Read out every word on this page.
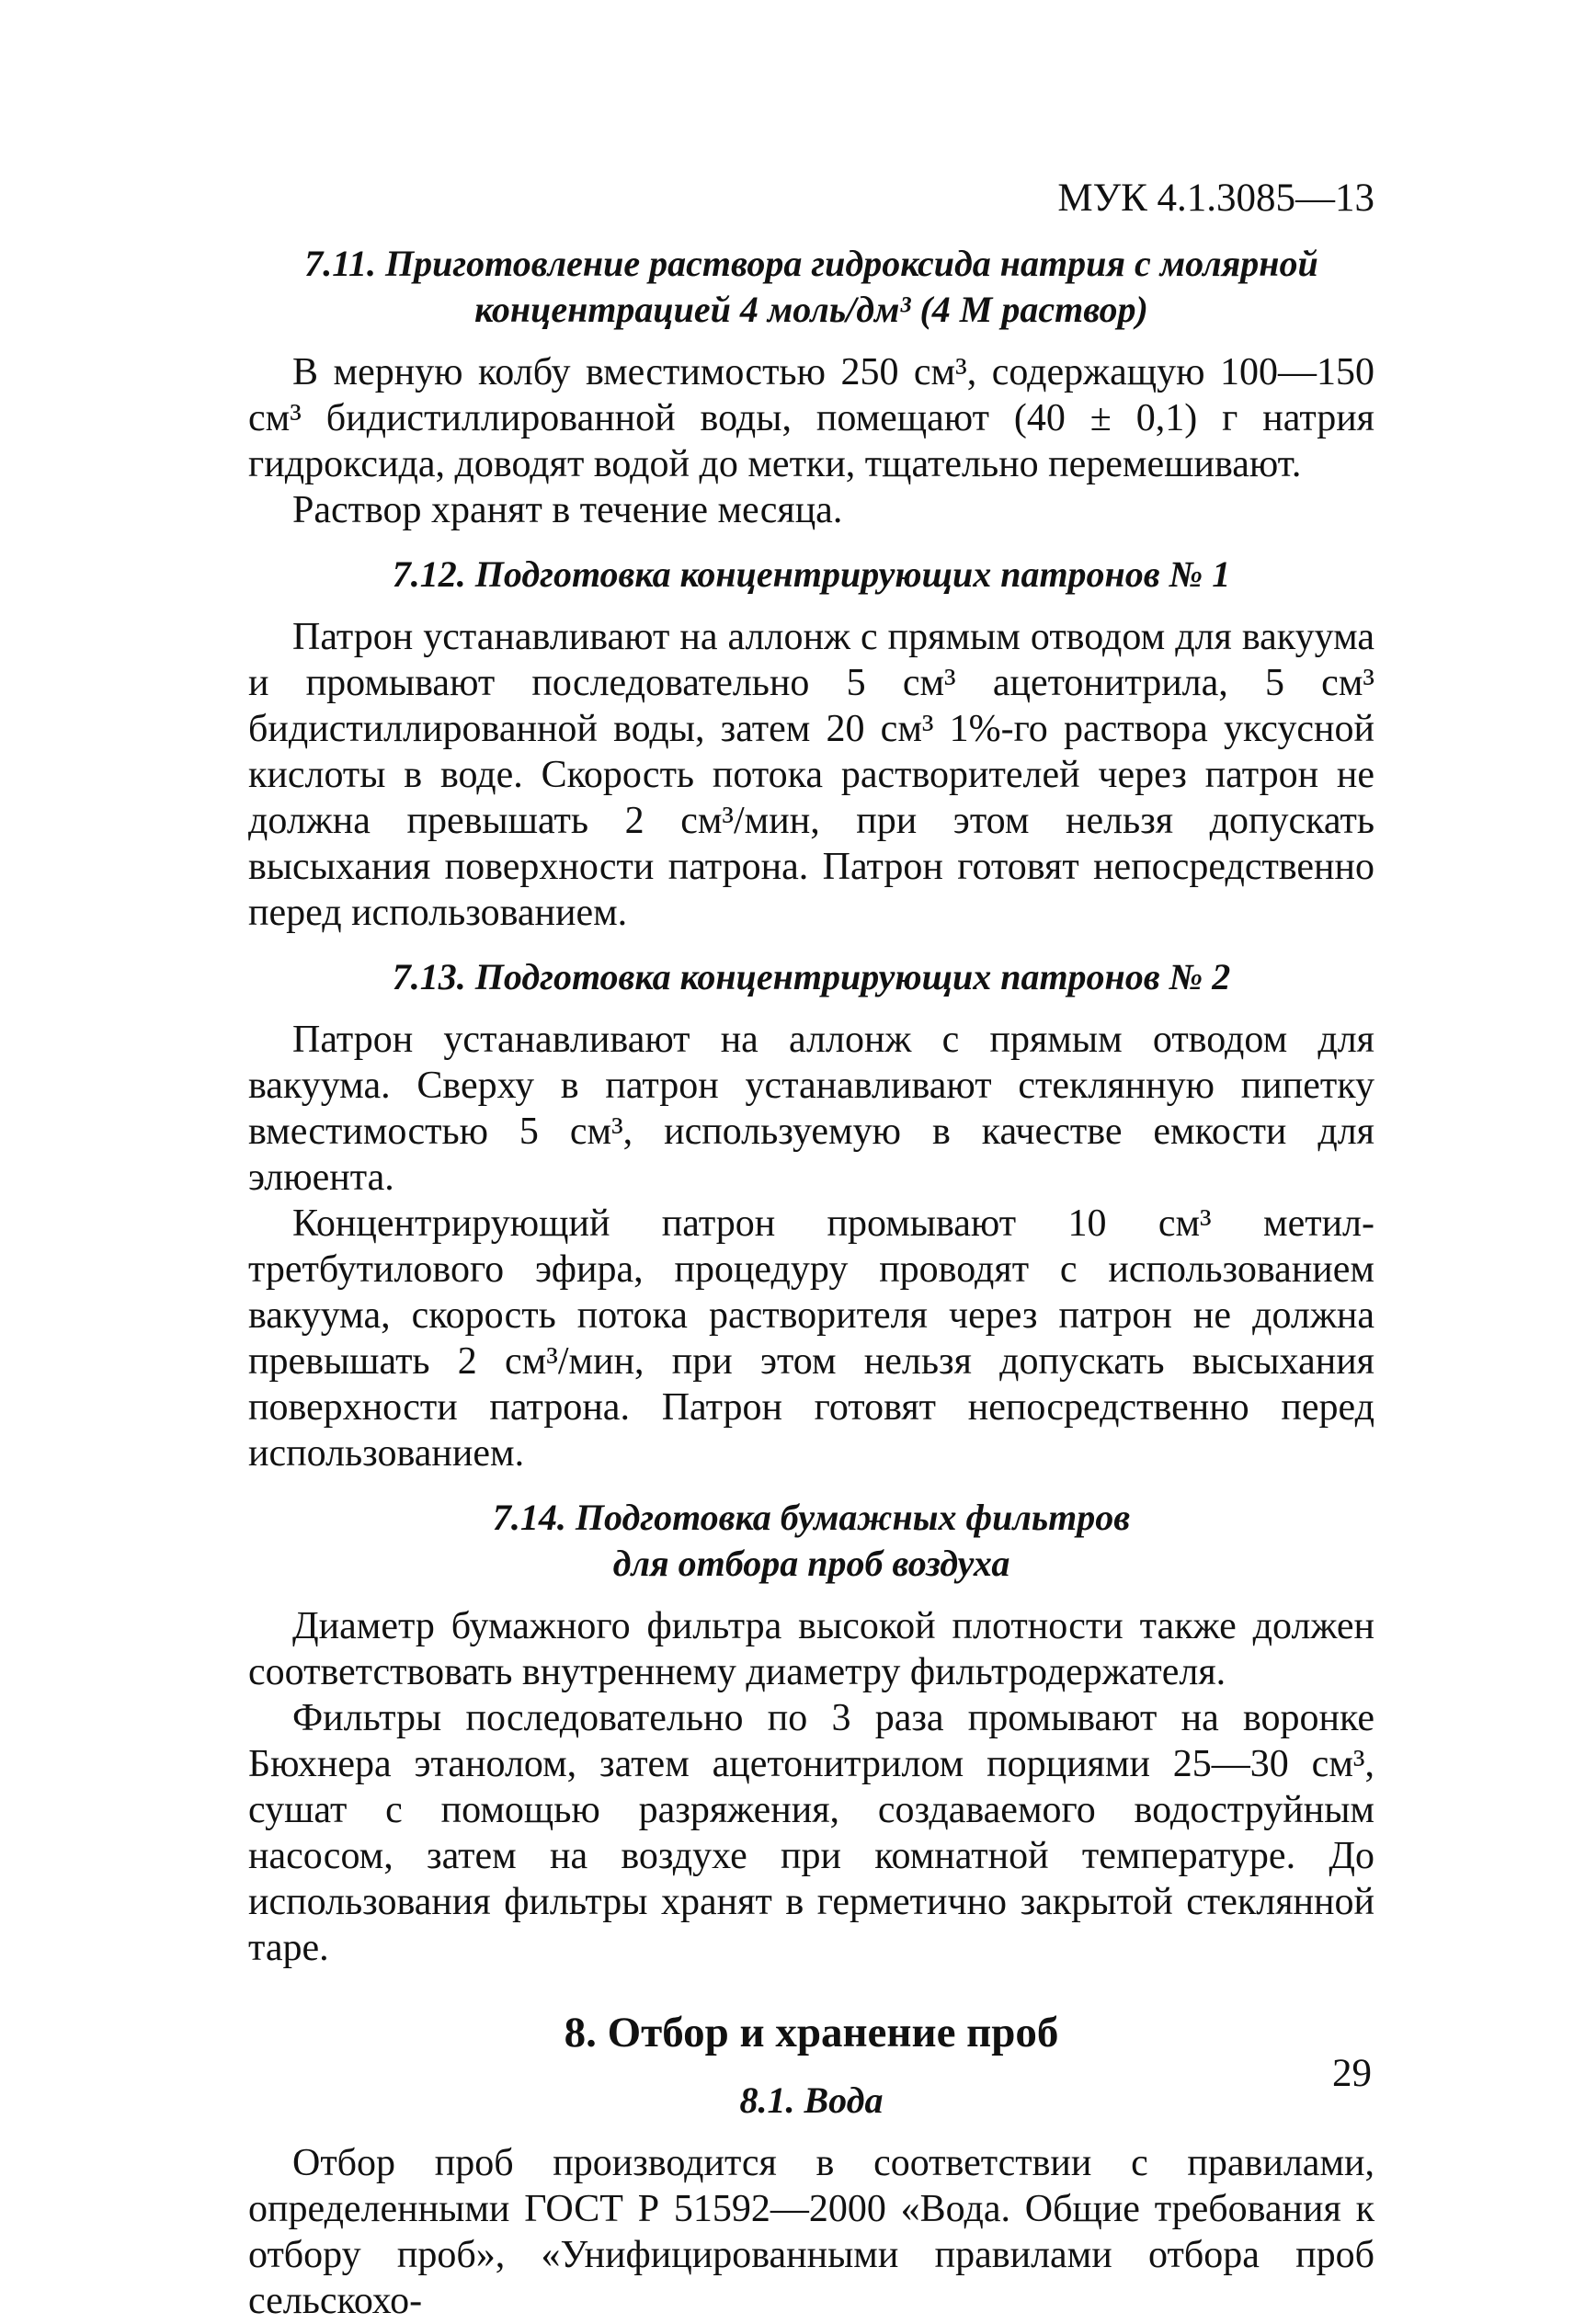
МУК 4.1.3085—13
7.11. Приготовление раствора гидроксида натрия с молярной
концентрацией 4 моль/дм³ (4 М раствор)

В мерную колбу вместимостью 250 см³, содержащую 100—150 см³ бидистиллированной воды, помещают (40 ± 0,1) г натрия гидроксида, доводят водой до метки, тщательно перемешивают.

Раствор хранят в течение месяца.

7.12. Подготовка концентрирующих патронов № 1

Патрон устанавливают на аллонж с прямым отводом для вакуума и промывают последовательно 5 см³ ацетонитрила, 5 см³ бидистиллированной воды, затем 20 см³ 1%-го раствора уксусной кислоты в воде. Скорость потока растворителей через патрон не должна превышать 2 см³/мин, при этом нельзя допускать высыхания поверхности патрона. Патрон готовят непосредственно перед использованием.

7.13. Подготовка концентрирующих патронов № 2

Патрон устанавливают на аллонж с прямым отводом для вакуума. Сверху в патрон устанавливают стеклянную пипетку вместимостью 5 см³, используемую в качестве емкости для элюента.

Концентрирующий патрон промывают 10 см³ метил-третбутилового эфира, процедуру проводят с использованием вакуума, скорость потока растворителя через патрон не должна превышать 2 см³/мин, при этом нельзя допускать высыхания поверхности патрона. Патрон готовят непосредственно перед использованием.

7.14. Подготовка бумажных фильтров
для отбора проб воздуха

Диаметр бумажного фильтра высокой плотности также должен соответствовать внутреннему диаметру фильтродержателя.

Фильтры последовательно по 3 раза промывают на воронке Бюхнера этанолом, затем ацетонитрилом порциями 25—30 см³, сушат с помощью разряжения, создаваемого водоструйным насосом, затем на воздухе при комнатной температуре. До использования фильтры хранят в герметично закрытой стеклянной таре.

8. Отбор и хранение проб
8.1. Вода

Отбор проб производится в соответствии с правилами, определенными ГОСТ Р 51592—2000 «Вода. Общие требования к отбору проб», «Унифицированными правилами отбора проб сельскохо-

29
